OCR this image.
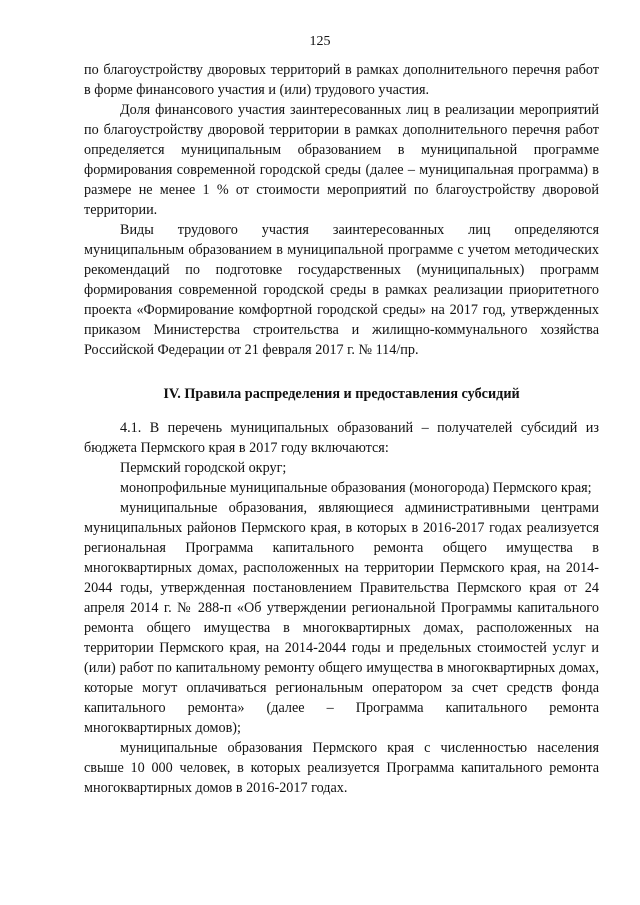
125

по благоустройству дворовых территорий в рамках дополнительного перечня работ в форме финансового участия и (или) трудового участия.

Доля финансового участия заинтересованных лиц в реализации мероприятий по благоустройству дворовой территории в рамках дополнительного перечня работ определяется муниципальным образованием в муниципальной программе формирования современной городской среды (далее – муниципальная программа) в размере не менее 1 % от стоимости мероприятий по благоустройству дворовой территории.

Виды трудового участия заинтересованных лиц определяются муниципальным образованием в муниципальной программе с учетом методических рекомендаций по подготовке государственных (муниципальных) программ формирования современной городской среды в рамках реализации приоритетного проекта «Формирование комфортной городской среды» на 2017 год, утвержденных приказом Министерства строительства и жилищно-коммунального хозяйства Российской Федерации от 21 февраля 2017 г. № 114/пр.

IV. Правила распределения и предоставления субсидий

4.1. В перечень муниципальных образований – получателей субсидий из бюджета Пермского края в 2017 году включаются:

Пермский городской округ;

монопрофильные муниципальные образования (моногорода) Пермского края;

муниципальные образования, являющиеся административными центрами муниципальных районов Пермского края, в которых в 2016-2017 годах реализуется региональная Программа капитального ремонта общего имущества в многоквартирных домах, расположенных на территории Пермского края, на 2014-2044 годы, утвержденная постановлением Правительства Пермского края от 24 апреля 2014 г. № 288-п «Об утверждении региональной Программы капитального ремонта общего имущества в многоквартирных домах, расположенных на территории Пермского края, на 2014-2044 годы и предельных стоимостей услуг и (или) работ по капитальному ремонту общего имущества в многоквартирных домах, которые могут оплачиваться региональным оператором за счет средств фонда капитального ремонта» (далее – Программа капитального ремонта многоквартирных домов);

муниципальные образования Пермского края с численностью населения свыше 10 000 человек, в которых реализуется Программа капитального ремонта многоквартирных домов в 2016-2017 годах.
